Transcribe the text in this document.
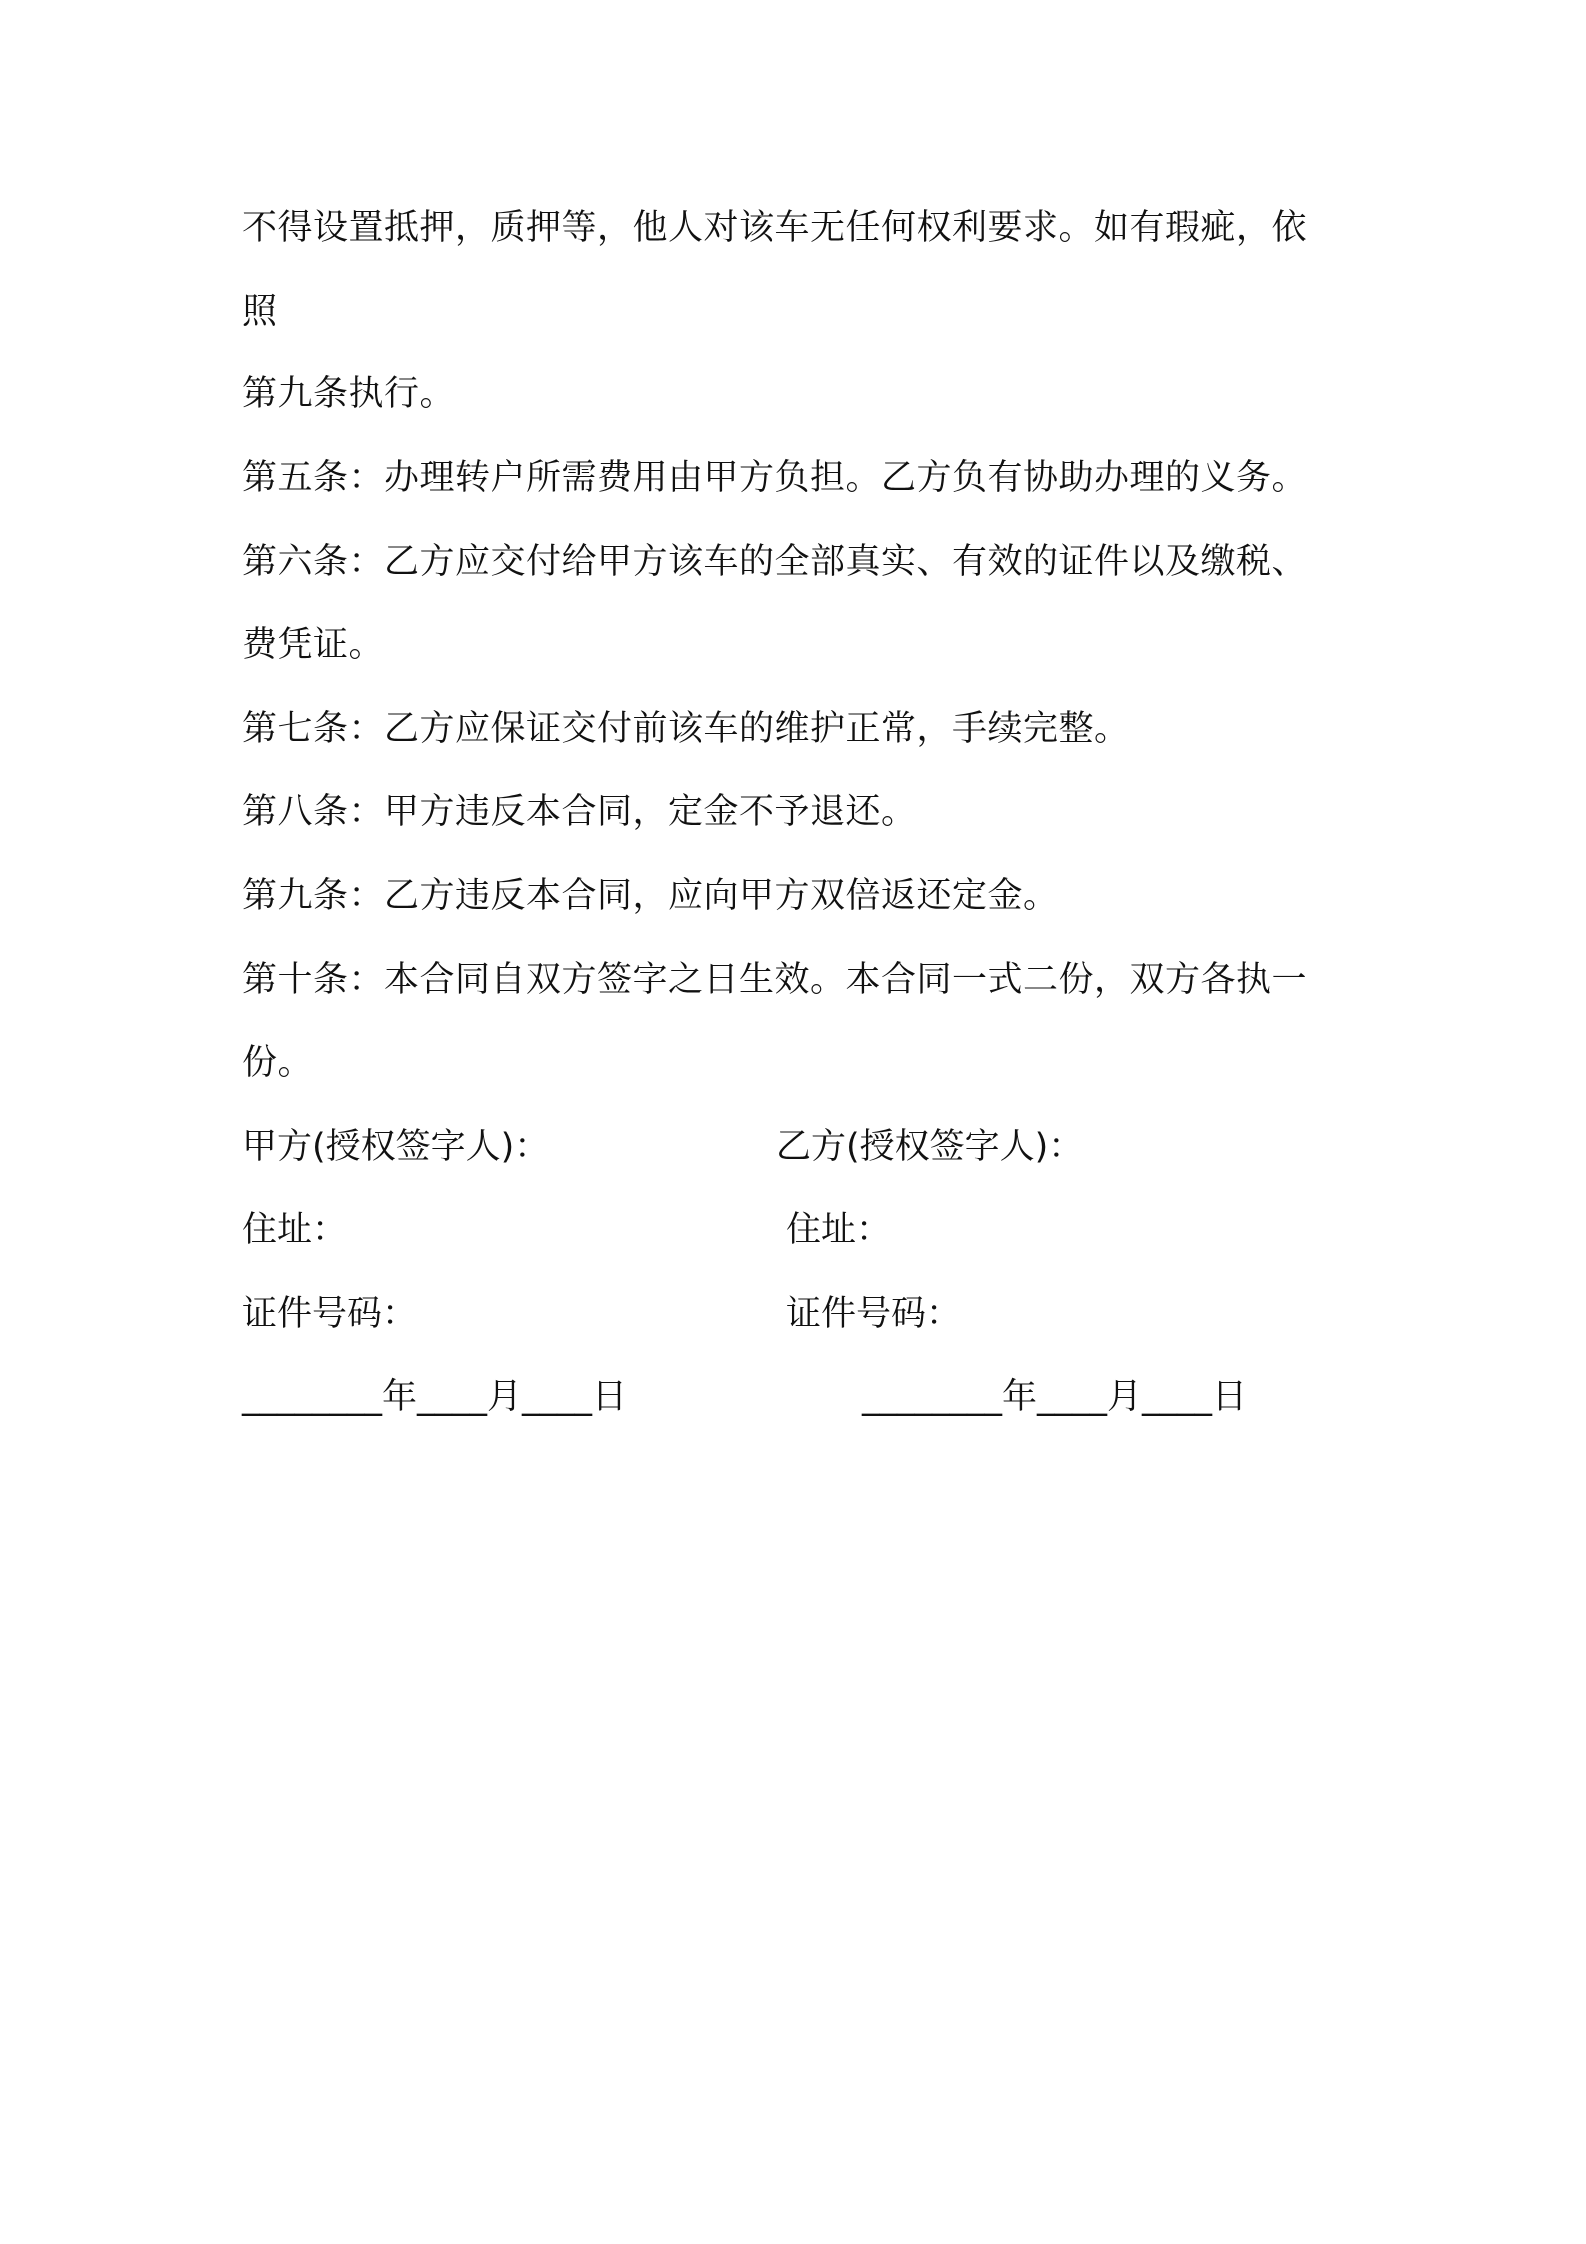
不得设置抵押，质押等，他人对该车无任何权利要求。如有瑕疵，依
照
第九条执行。
第五条：办理转户所需费用由甲方负担。乙方负有协助办理的义务。
第六条：乙方应交付给甲方该车的全部真实、有效的证件以及缴税、
费凭证。
第七条：乙方应保证交付前该车的维护正常，手续完整。
第八条：甲方违反本合同，定金不予退还。
第九条：乙方违反本合同，应向甲方双倍返还定金。
第十条：本合同自双方签字之日生效。本合同一式二份，双方各执一
份。
甲方(授权签字人)：	乙方(授权签字人)：
住址：	住址：
证件号码：	证件号码：
________年____月____日	________年____月____日
